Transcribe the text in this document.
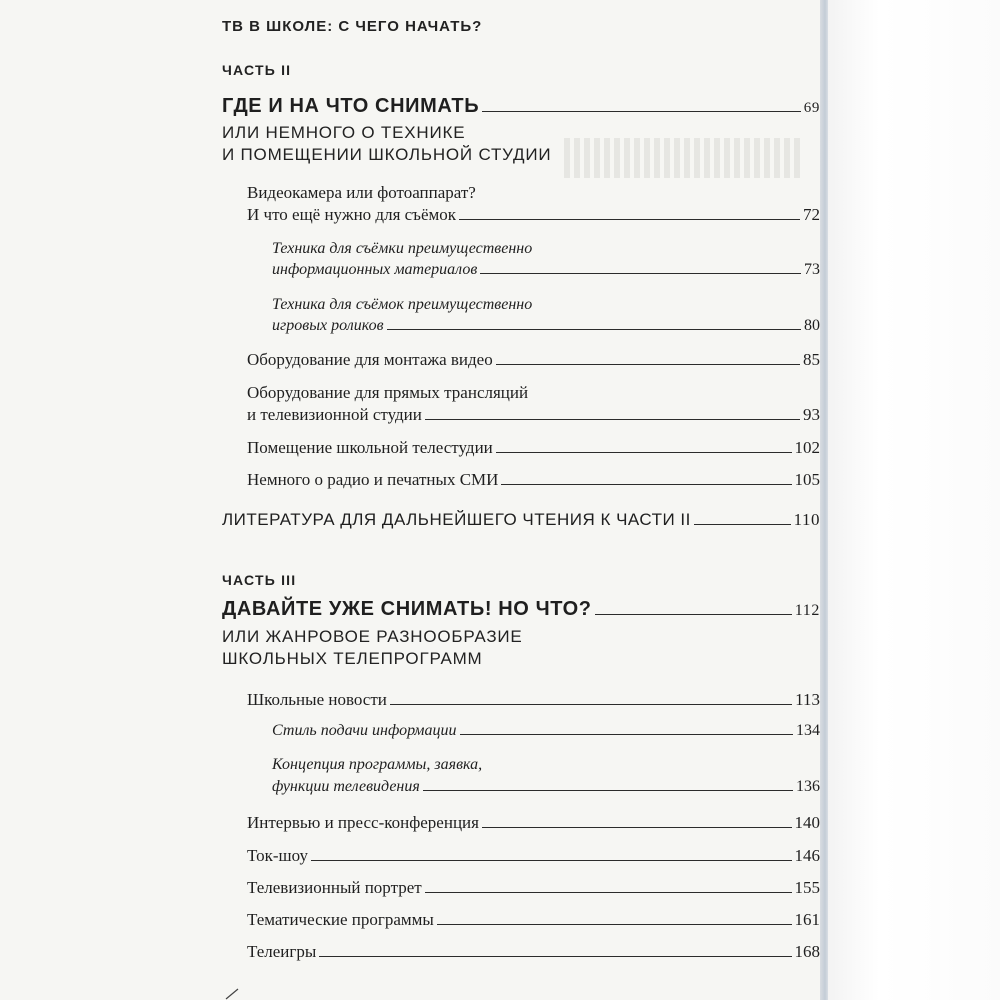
ТВ В ШКОЛЕ: С ЧЕГО НАЧАТЬ?
ЧАСТЬ II
ГДЕ И НА ЧТО СНИМАТЬ	69
ИЛИ НЕМНОГО О ТЕХНИКЕ
И ПОМЕЩЕНИИ ШКОЛЬНОЙ СТУДИИ
Видеокамера или фотоаппарат?
И что ещё нужно для съёмок	72
Техника для съёмки преимущественно
информационных материалов	73
Техника для съёмок преимущественно
игровых роликов	80
Оборудование для монтажа видео	85
Оборудование для прямых трансляций
и телевизионной студии	93
Помещение школьной телестудии	102
Немного о радио и печатных СМИ	105
ЛИТЕРАТУРА ДЛЯ ДАЛЬНЕЙШЕГО ЧТЕНИЯ К ЧАСТИ II	110
ЧАСТЬ III
ДАВАЙТЕ УЖЕ СНИМАТЬ! НО ЧТО?	112
ИЛИ ЖАНРОВОЕ РАЗНООБРАЗИЕ
ШКОЛЬНЫХ ТЕЛЕПРОГРАММ
Школьные новости	113
Стиль подачи информации	134
Концепция программы, заявка,
функции телевидения	136
Интервью и пресс-конференция	140
Ток-шоу	146
Телевизионный портрет	155
Тематические программы	161
Телеигры	168
